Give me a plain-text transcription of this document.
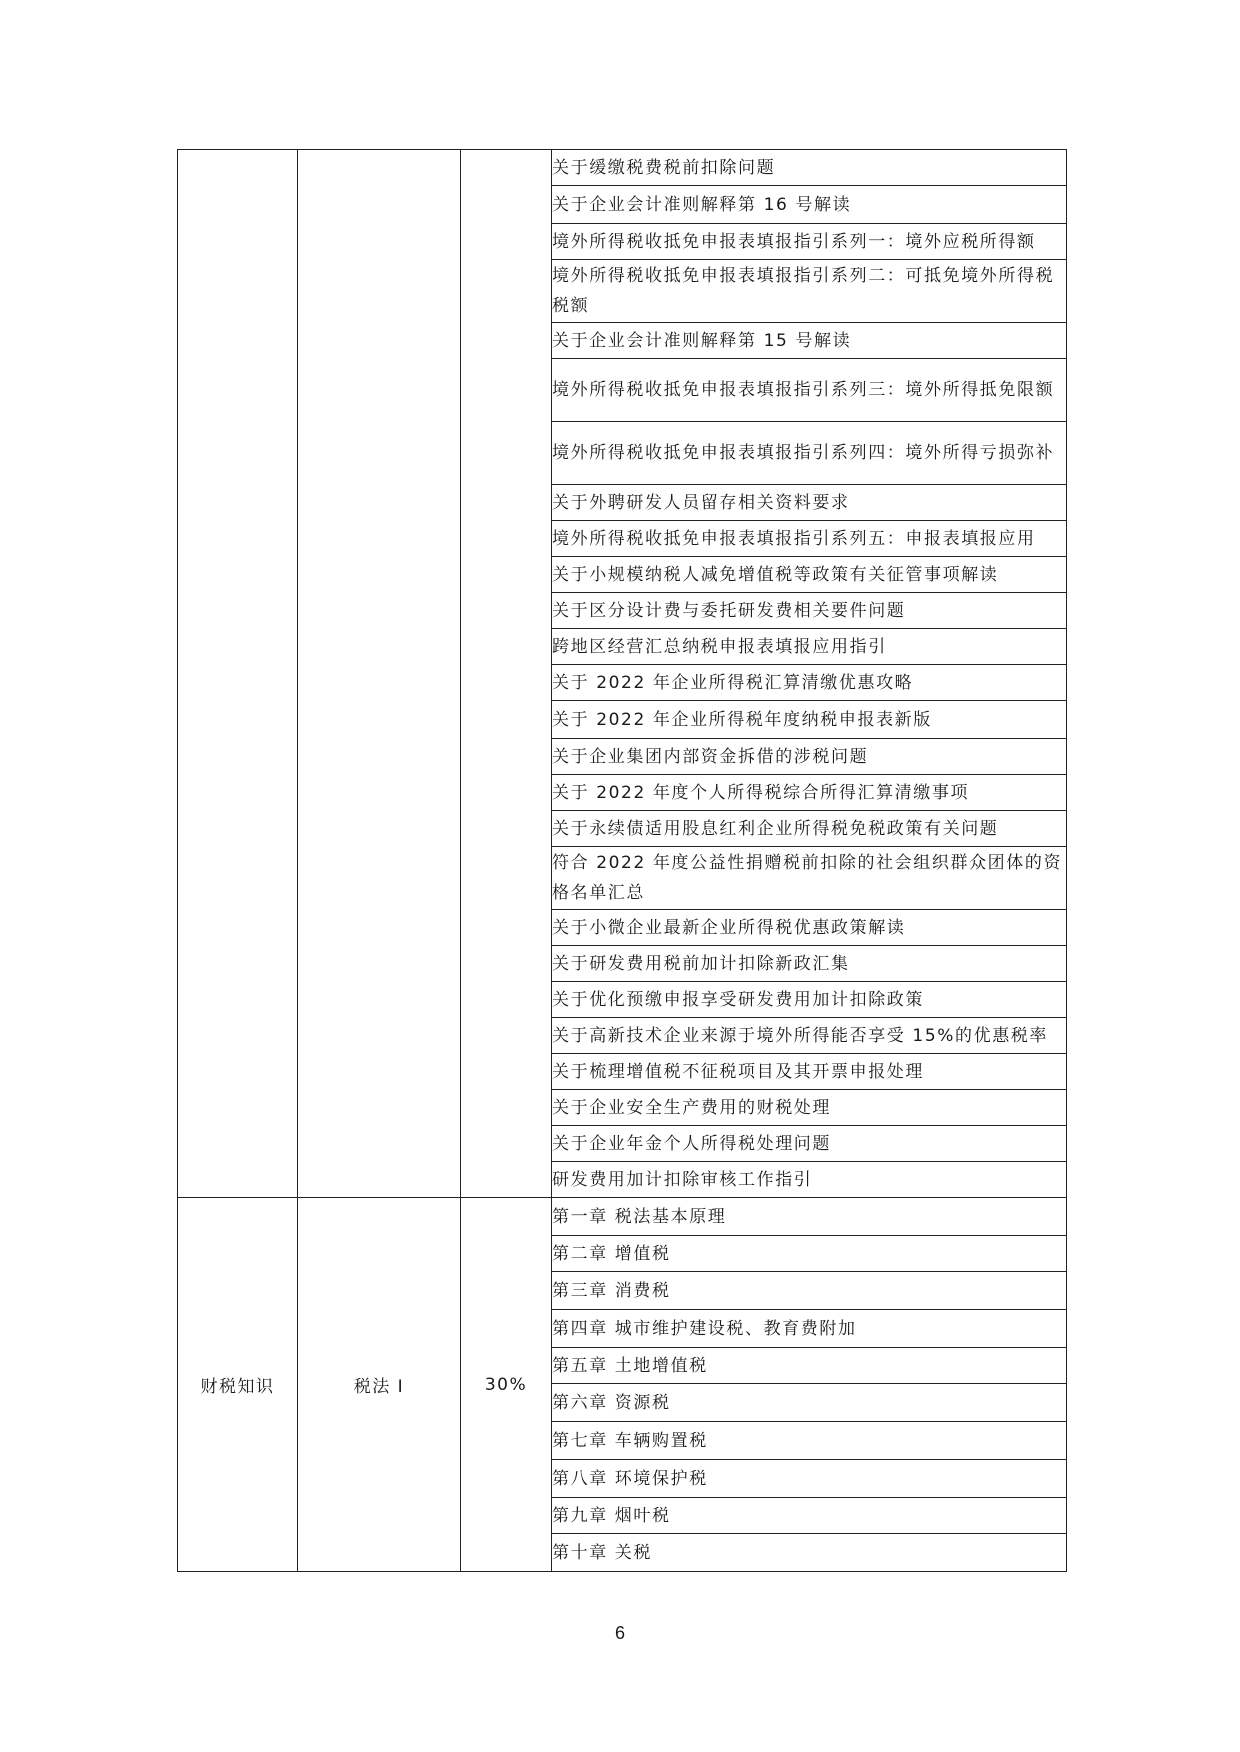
			关于缓缴税费税前扣除问题
			关于企业会计准则解释第 16 号解读
			境外所得税收抵免申报表填报指引系列一：境外应税所得额
			境外所得税收抵免申报表填报指引系列二：可抵免境外所得税税额
			关于企业会计准则解释第 15 号解读
			境外所得税收抵免申报表填报指引系列三：境外所得抵免限额
			境外所得税收抵免申报表填报指引系列四：境外所得亏损弥补
			关于外聘研发人员留存相关资料要求
			境外所得税收抵免申报表填报指引系列五：申报表填报应用
			关于小规模纳税人减免增值税等政策有关征管事项解读
			关于区分设计费与委托研发费相关要件问题
			跨地区经营汇总纳税申报表填报应用指引
			关于 2022 年企业所得税汇算清缴优惠攻略
			关于 2022 年企业所得税年度纳税申报表新版
			关于企业集团内部资金拆借的涉税问题
			关于 2022 年度个人所得税综合所得汇算清缴事项
			关于永续债适用股息红利企业所得税免税政策有关问题
			符合 2022 年度公益性捐赠税前扣除的社会组织群众团体的资格名单汇总
			关于小微企业最新企业所得税优惠政策解读
			关于研发费用税前加计扣除新政汇集
			关于优化预缴申报享受研发费用加计扣除政策
			关于高新技术企业来源于境外所得能否享受 15%的优惠税率
			关于梳理增值税不征税项目及其开票申报处理
			关于企业安全生产费用的财税处理
			关于企业年金个人所得税处理问题
			研发费用加计扣除审核工作指引
财税知识	税法 I	30%	第一章 税法基本原理
			第二章 增值税
			第三章 消费税
			第四章 城市维护建设税、教育费附加
			第五章 土地增值税
			第六章 资源税
			第七章 车辆购置税
			第八章 环境保护税
			第九章 烟叶税
			第十章 关税
6
